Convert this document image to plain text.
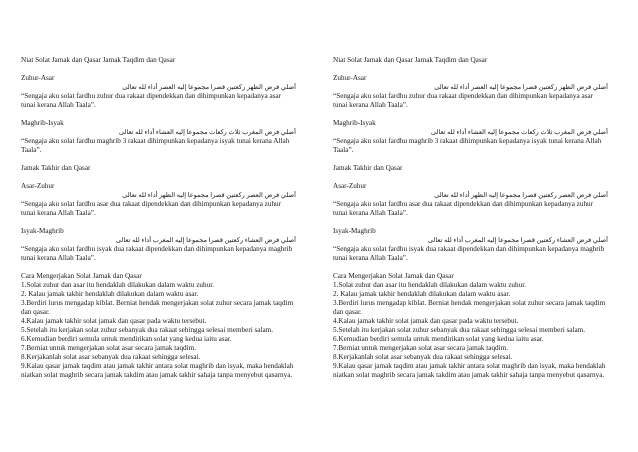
Niat Solat Jamak dan Qasar Jamak Taqdim dan Qasar

Zuhur-Asar

أصلي فرض الظهر ركعتين قصرا مجموعا إليه العصر أداء لله تعالى

“Sengaja aku solat fardhu zuhur dua rakaat dipendekkan dan dihimpunkan kepadanya asar tunai kerana Allah Taala”.

Maghrib-Isyak

أصلي فرض المغرب ثلاث ركعات مجموعا إليه العشاء أداء لله تعالى

“Sengaja aku solat fardhu maghrib 3 rakaat dihimpunkan kepadanya isyak tunai kerana Allah Taala”.

Jamak Takhir dan Qasar

Asar-Zuhur

أصلي فرض العصر ركعتين قصرا مجموعا إليه الظهر أداء لله تعالى

“Sengaja aku solat fardhu asar dua rakaat dipendekkan dan dihimpunkan kepadanya zuhur tunai kerana Allah Taala”.

Isyak-Maghrib

أصلي فرض العشاء ركعتين قصرا مجموعا إليه المغرب أداء لله تعالى

“Sengaja aku solat fardhu isyak dua rakaat dipendekkan dan dihimpunkan kepadanya maghrib tunai kerana Allah Taala”.

Cara Mengerjakan Solat Jamak dan Qasar

1.Solat zuhur dan asar itu hendaklah dilakukan dalam waktu zuhur.
2. Kalau jamak takhir hendaklah dilakukan dalam waktu asar.
3.Berdiri lurus mengadap kiblat. Berniat hendak mengerjakan solat zuhur secara jamak taqdim dan qasar.
4.Kalau jamak takhir solat jamak dan qasar pada waktu tersebut.
5.Setelah itu kerjakan solat zuhur sebanyak dua rakaat sehingga selesai memberi salam. 6.Kemudian berdiri semula untuk mendirikan solat yang kedua iaitu asar.
7.Berniat untuk mengerjakan solat asar secara jamak taqdim.
8.Kerjakanlah solat asar sebanyak dua rakaat sehingga selesai.
9.Kalau qasar jamak taqdim atau jamak takhir antara solat maghrib dan isyak, maka hendaklah niatkan solat maghrib secara jamak takdim atau jamak takhir sahaja tanpa menyebut qasarnya.

Niat Solat Jamak dan Qasar Jamak Taqdim dan Qasar

Zuhur-Asar

أصلي فرض الظهر ركعتين قصرا مجموعا إليه العصر أداء لله تعالى

“Sengaja aku solat fardhu zuhur dua rakaat dipendekkan dan dihimpunkan kepadanya asar tunai kerana Allah Taala”.

Maghrib-Isyak

أصلي فرض المغرب ثلاث ركعات مجموعا إليه العشاء أداء لله تعالى

“Sengaja aku solat fardhu maghrib 3 rakaat dihimpunkan kepadanya isyak tunai kerana Allah Taala”.

Jamak Takhir dan Qasar

Asar-Zuhur

أصلي فرض العصر ركعتين قصرا مجموعا إليه الظهر أداء لله تعالى

“Sengaja aku solat fardhu asar dua rakaat dipendekkan dan dihimpunkan kepadanya zuhur tunai kerana Allah Taala”.

Isyak-Maghrib

أصلي فرض العشاء ركعتين قصرا مجموعا إليه المغرب أداء لله تعالى

“Sengaja aku solat fardhu isyak dua rakaat dipendekkan dan dihimpunkan kepadanya maghrib tunai kerana Allah Taala”.

Cara Mengerjakan Solat Jamak dan Qasar

1.Solat zuhur dan asar itu hendaklah dilakukan dalam waktu zuhur.
2. Kalau jamak takhir hendaklah dilakukan dalam waktu asar.
3.Berdiri lurus mengadap kiblat. Berniat hendak mengerjakan solat zuhur secara jamak taqdim dan qasar.
4.Kalau jamak takhir solat jamak dan qasar pada waktu tersebut.
5.Setelah itu kerjakan solat zuhur sebanyak dua rakaat sehingga selesai memberi salam. 6.Kemudian berdiri semula untuk mendirikan solat yang kedua iaitu asar.
7.Berniat untuk mengerjakan solat asar secara jamak taqdim.
8.Kerjakanlah solat asar sebanyak dua rakaat sehingga selesai.
9.Kalau qasar jamak taqdim atau jamak takhir antara solat maghrib dan isyak, maka hendaklah niatkan solat maghrib secara jamak takdim atau jamak takhir sahaja tanpa menyebut qasarnya.
